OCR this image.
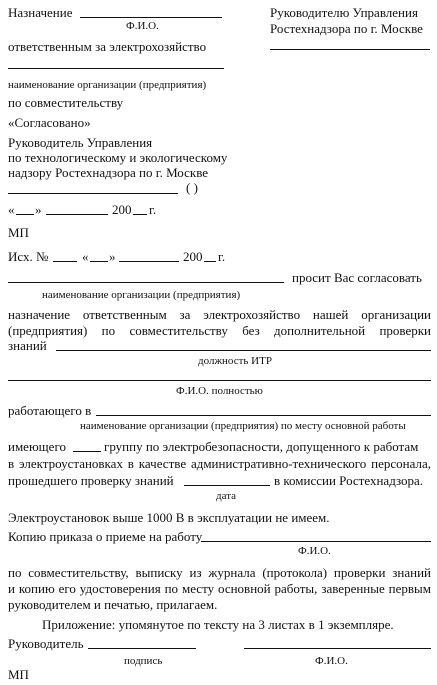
Назначение
Ф.И.О.
ответственным за электрохозяйство
наименование организации (предприятия)
по совместительству
«Согласовано»
Руководитель Управления
по технологическому и экологическому
надзору Ростехнадзора по г. Москве
( )
« »	200 г.
МП
Исх. №	« »	200 г.
Руководителю Управления
Ростехнадзора по г. Москве
просит Вас согласовать
наименование организации (предприятия)
назначение ответственным за электрохозяйство нашей организации
(предприятия) по совместительству без дополнительной проверки
знаний
должность ИТР
Ф.И.О. полностью
работающего в
наименование организации (предприятия) по месту основной работы
имеющего	группу по электробезопасности, допущенного к работам
в электроустановках в качестве административно-технического персонала,
прошедшего проверку знаний	в комиссии Ростехнадзора.
дата
Электроустановок выше 1000 В в эксплуатации не имеем.
Копию приказа о приеме на работу
Ф.И.О.
по совместительству, выписку из журнала (протокола) проверки знаний
и копию его удостоверения по месту основной работы, заверенные первым
руководителем и печатью, прилагаем.
Приложение: упомянутое по тексту на 3 листах в 1 экземпляре.
Руководитель
подпись	Ф.И.О.
МП
